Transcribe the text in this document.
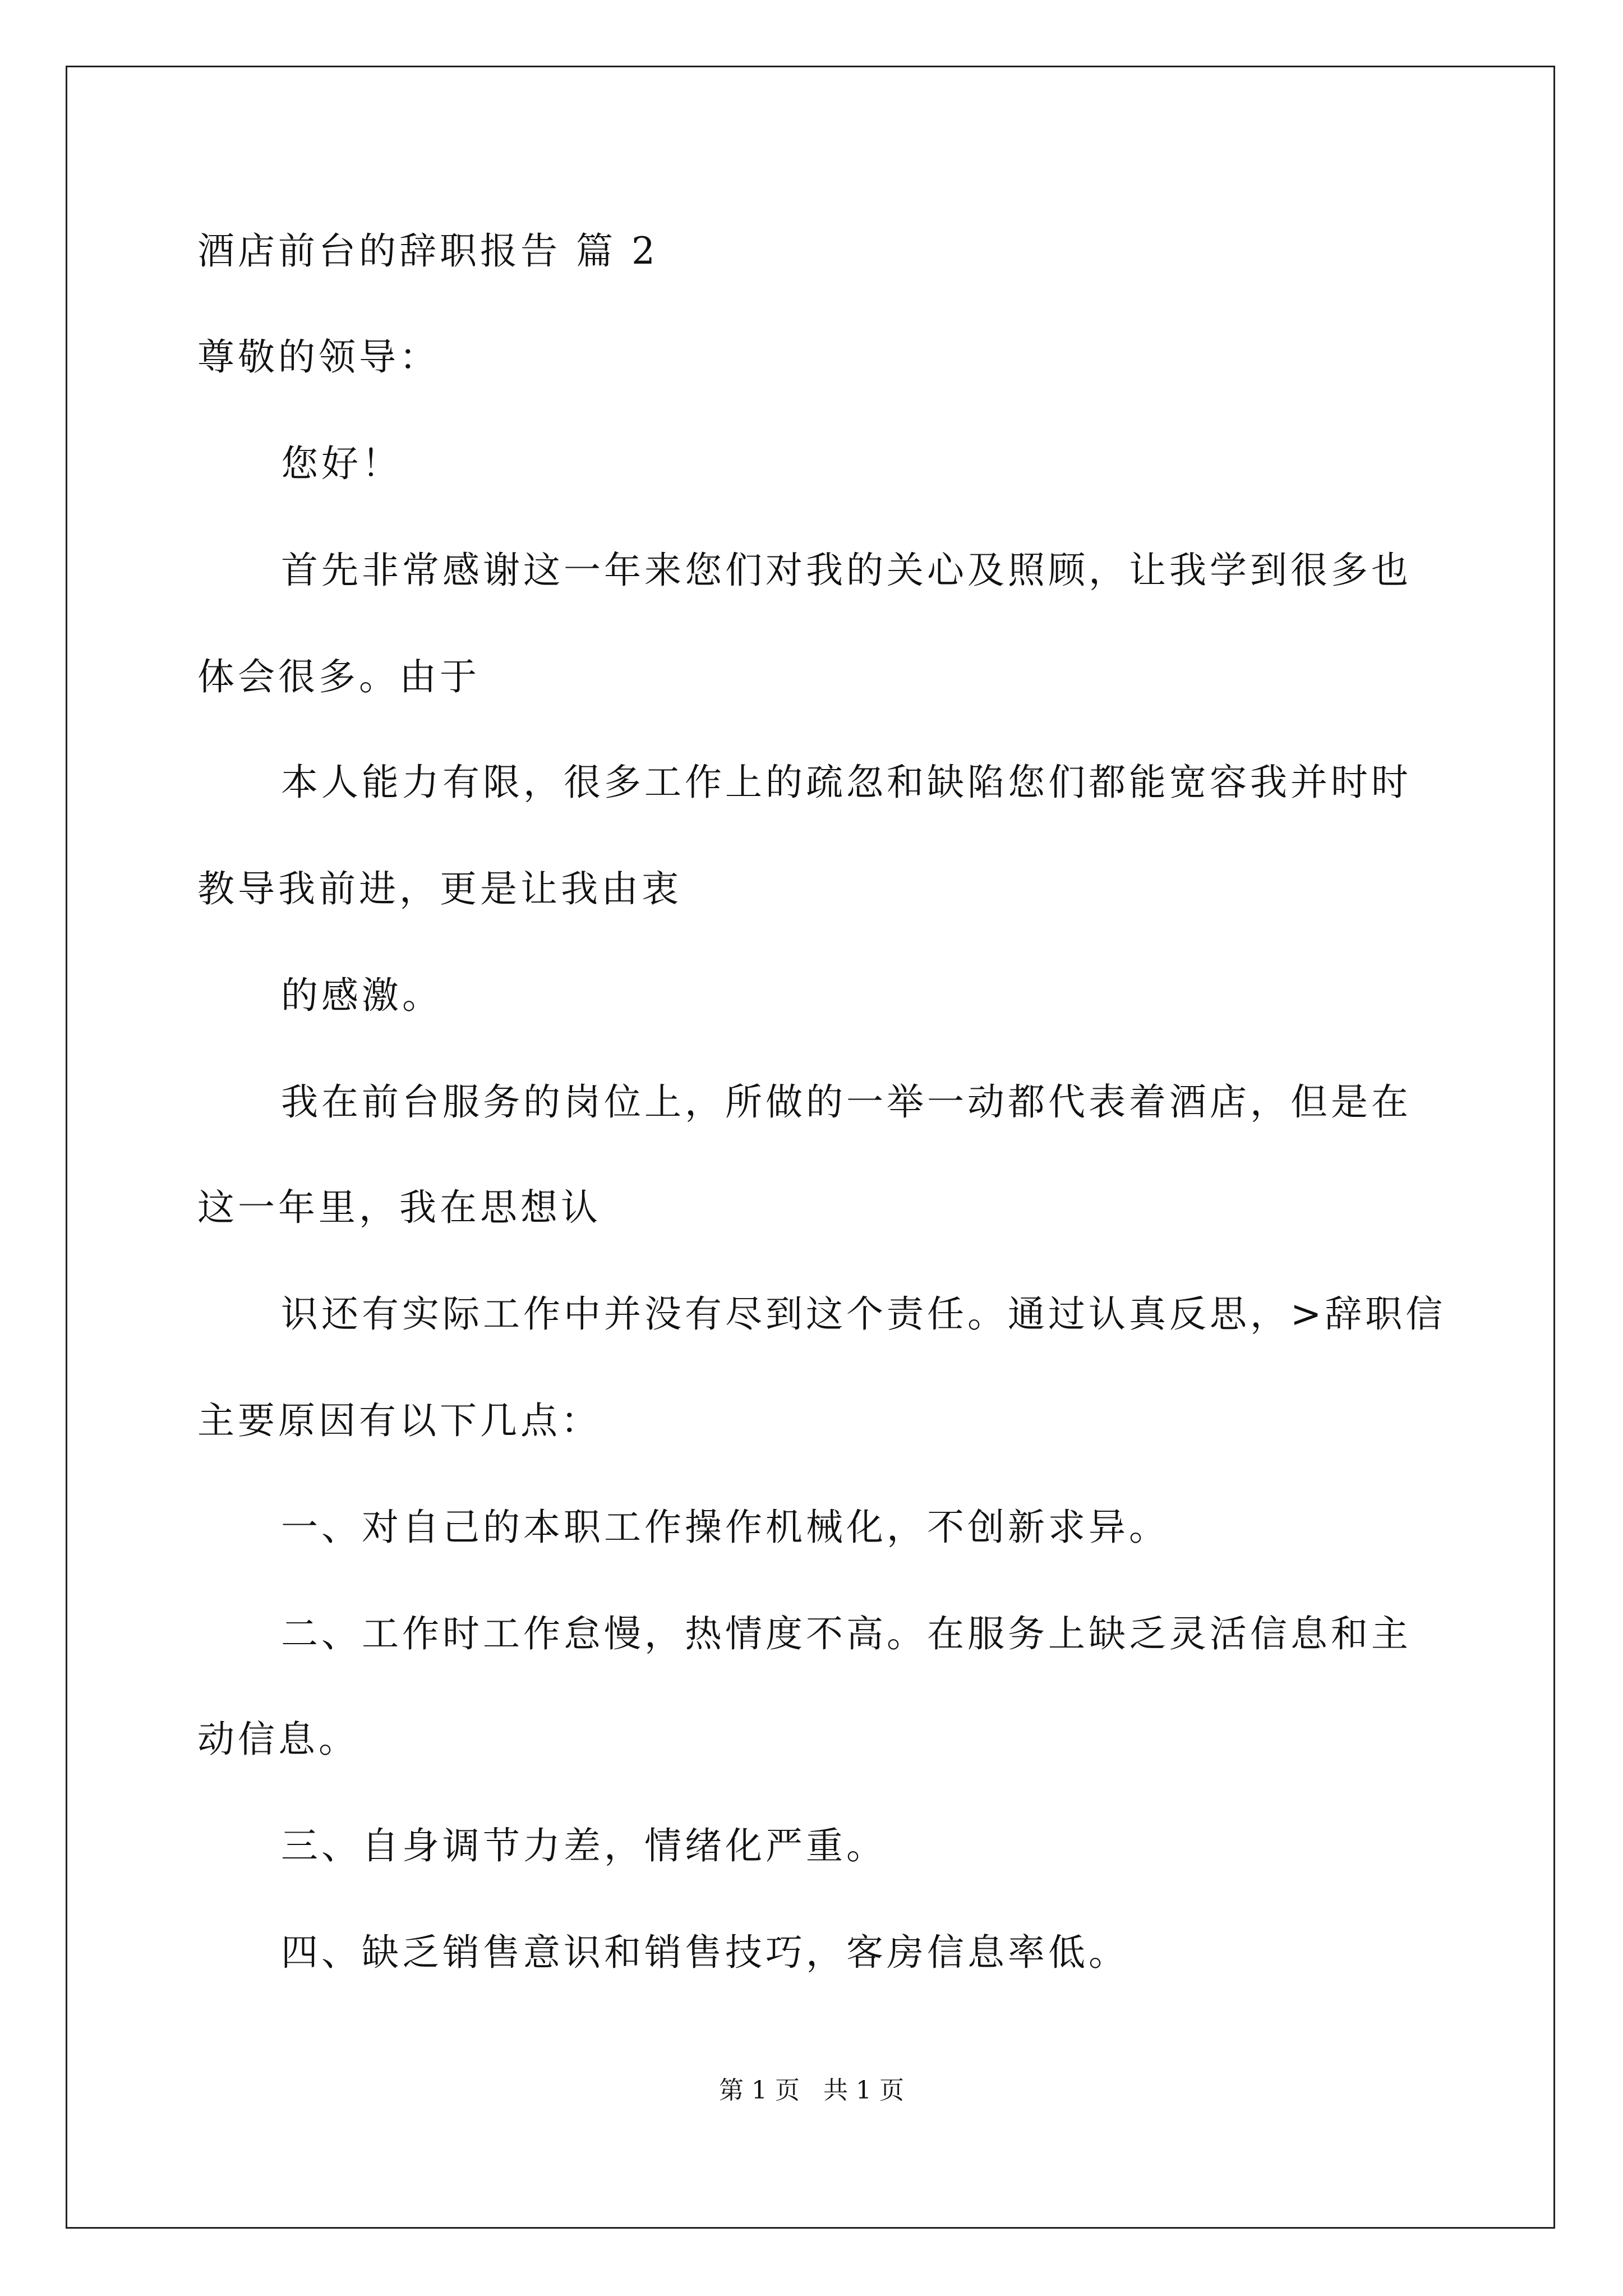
酒店前台的辞职报告 篇 2
尊敬的领导：
您好！
首先非常感谢这一年来您们对我的关心及照顾，让我学到很多也
体会很多。由于
本人能力有限，很多工作上的疏忽和缺陷您们都能宽容我并时时
教导我前进，更是让我由衷
的感激。
我在前台服务的岗位上，所做的一举一动都代表着酒店，但是在
这一年里，我在思想认
识还有实际工作中并没有尽到这个责任。通过认真反思，>辞职信
主要原因有以下几点：
一、对自己的本职工作操作机械化，不创新求异。
二、工作时工作怠慢，热情度不高。在服务上缺乏灵活信息和主
动信息。
三、自身调节力差，情绪化严重。
四、缺乏销售意识和销售技巧，客房信息率低。
第 1 页   共 1 页
